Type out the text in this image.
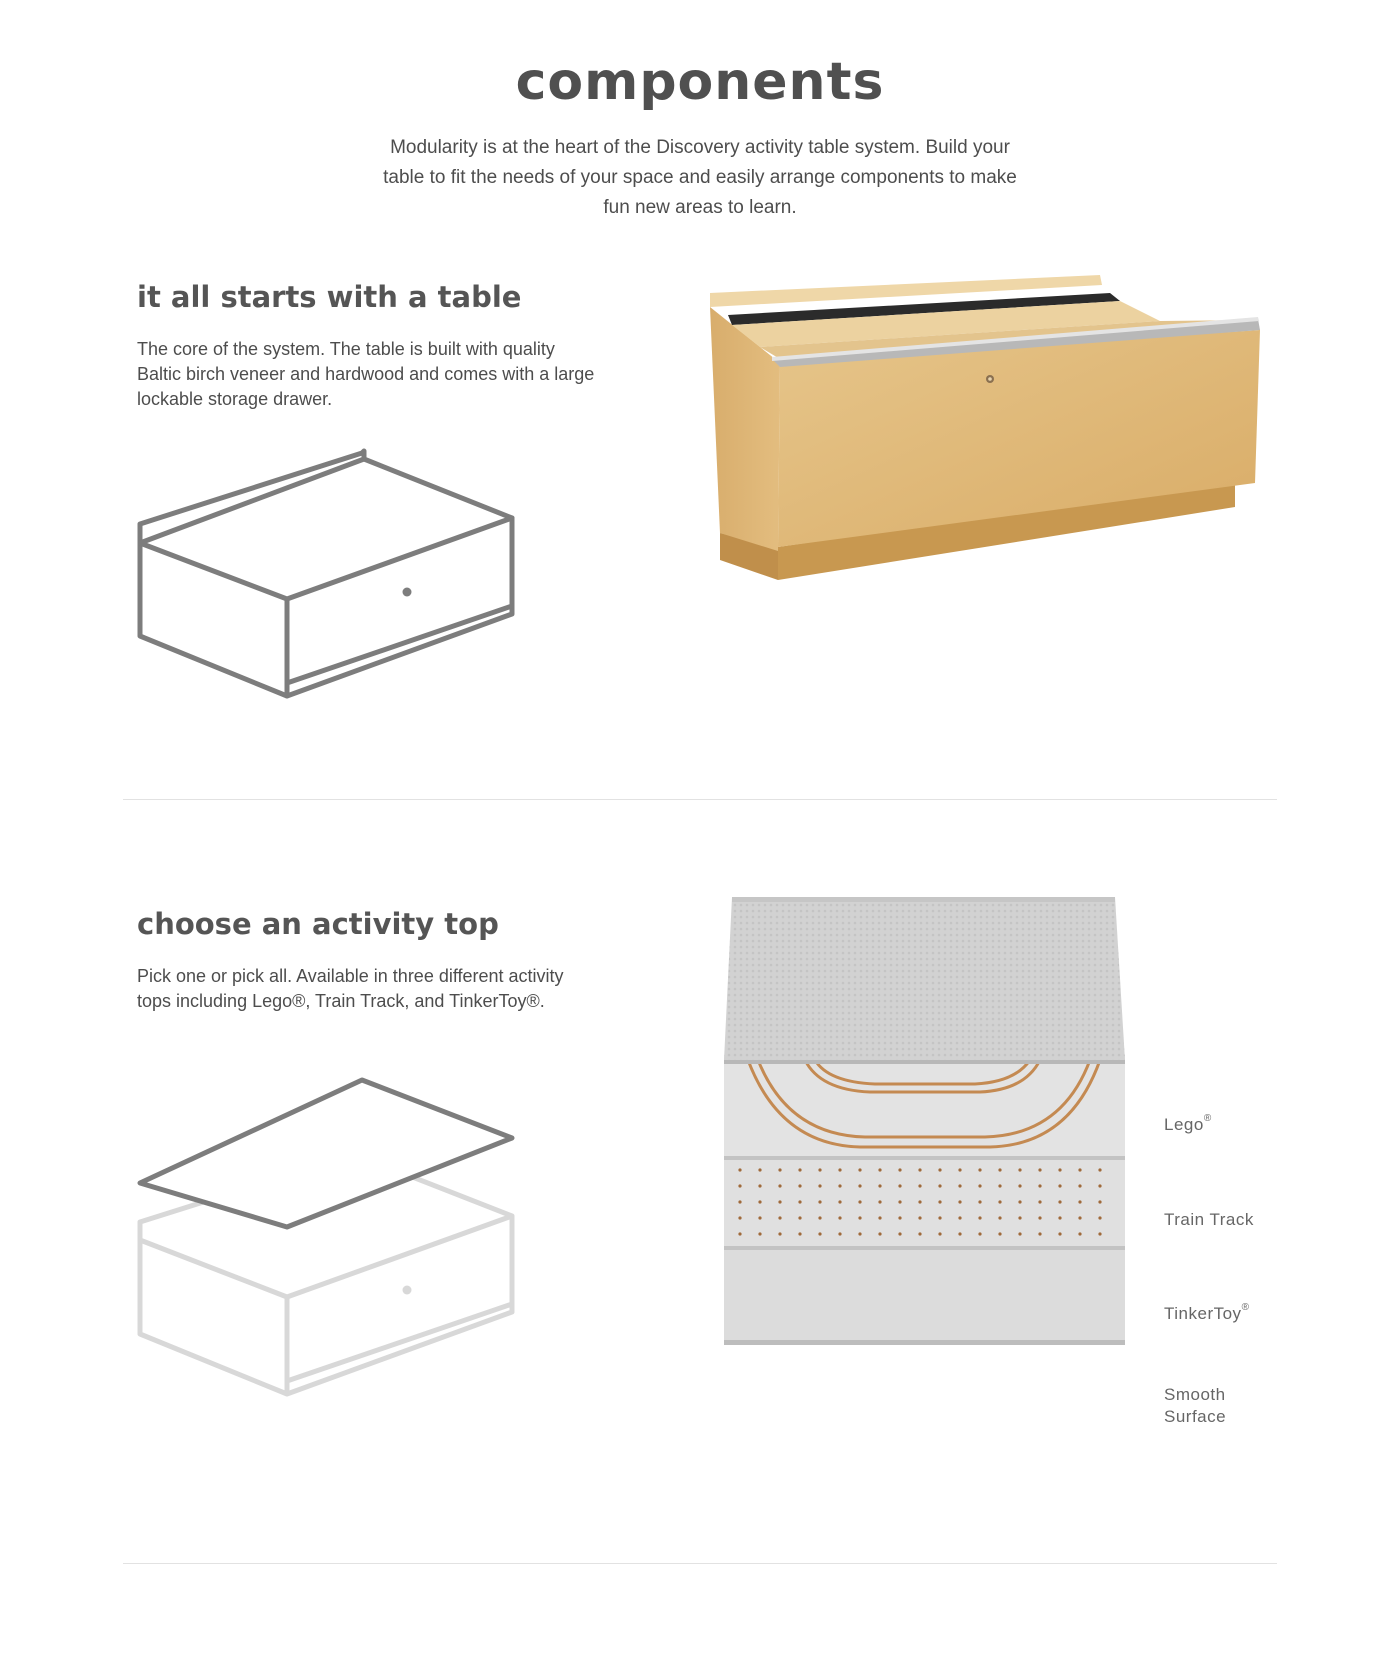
components

Modularity is at the heart of the Discovery activity table system. Build your table to fit the needs of your space and easily arrange components to make fun new areas to learn.

it all starts with a table

The core of the system. The table is built with quality Baltic birch veneer and hardwood and comes with a large lockable storage drawer.

choose an activity top

Pick one or pick all. Available in three different activity tops including Lego®, Train Track, and TinkerToy®.

Lego®
Train Track
TinkerToy®
Smooth Surface
